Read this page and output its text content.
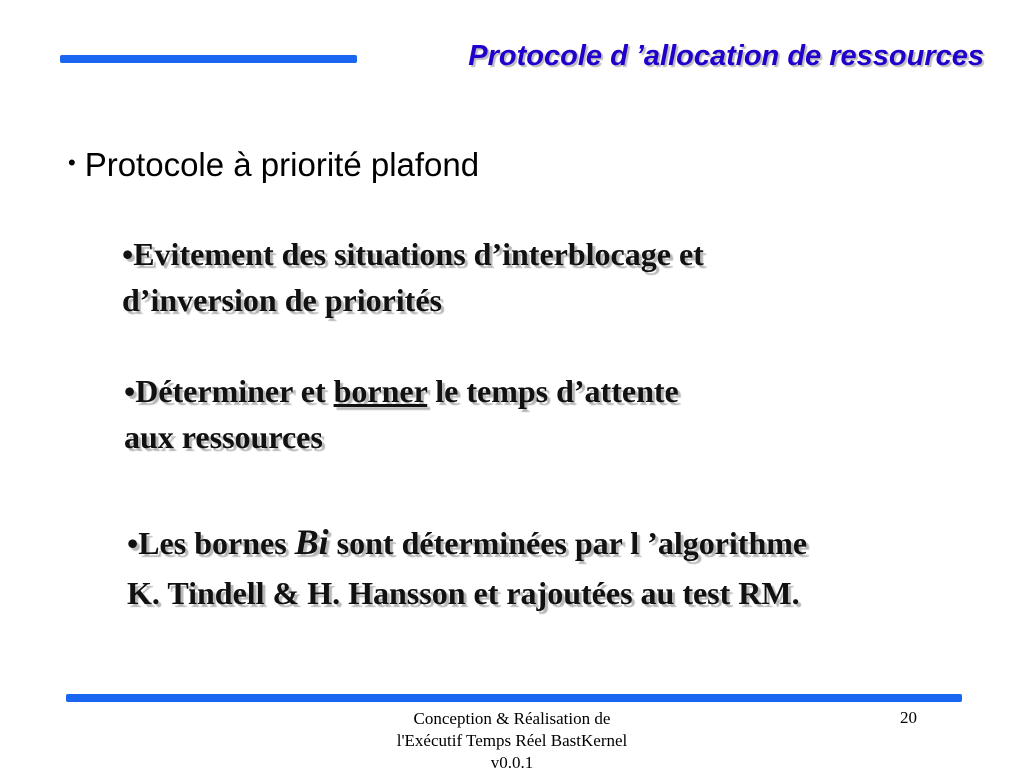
Protocole d ’allocation de ressources
• Protocole à priorité plafond
•Evitement des situations d’interblocage et
d’inversion de priorités
•Déterminer et borner le temps d’attente
aux ressources
•Les bornes Bi sont déterminées par l ’algorithme
K. Tindell & H. Hansson et rajoutées au test RM.
Conception & Réalisation de
l'Exécutif Temps Réel BastKernel
v0.0.1
20
